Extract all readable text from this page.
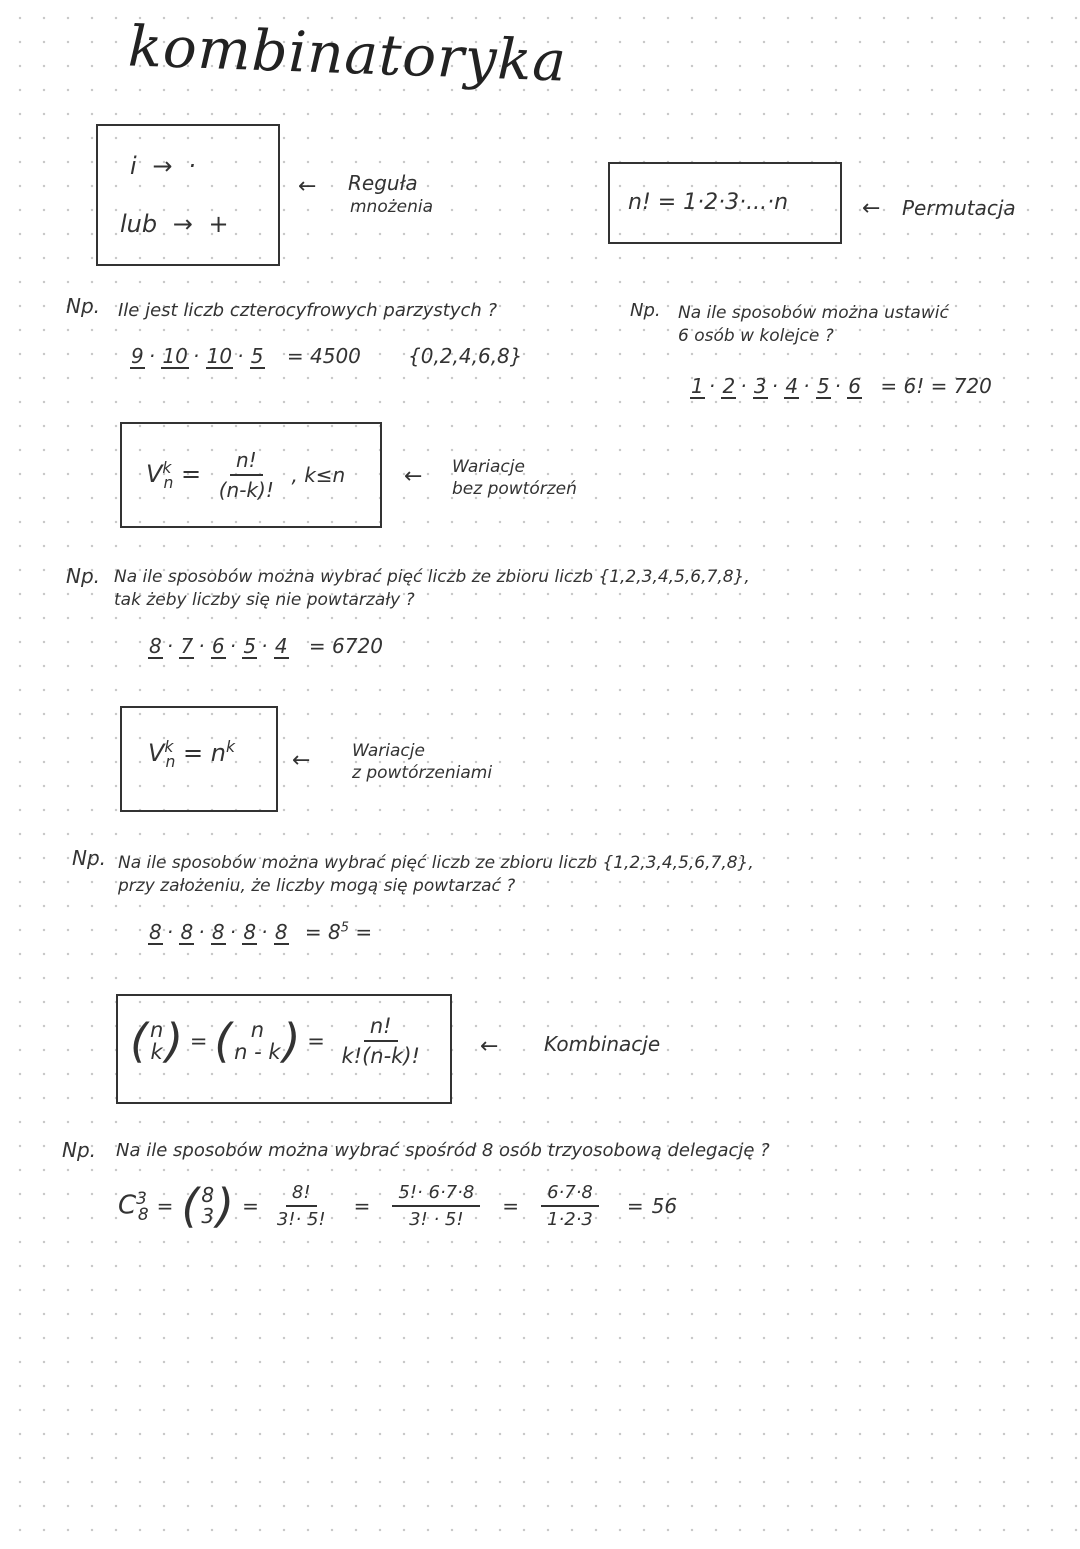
kombinatoryka
i → ·
lub → +
← Reguła
mnożenia	n! = 1·2·3·...·n	← Permutacja
Np. Ile jest liczb czterocyfrowych parzystych ?
9 · 10 · 10 · 5 = 4500 {0,2,4,6,8}
Np. Na ile sposobów można ustawić
6 osób w kolejce ?
1 · 2 · 3 · 4 · 5 · 6 = 6! = 720
$V^k_n = \frac{n!}{(n-k)!}$ , k≤n	← Wariacje
bez powtórzeń
Np. Na ile sposobów można wybrać pięć liczb ze zbioru liczb {1,2,3,4,5,6,7,8},
tak żeby liczby się nie powtarzały ?
8 · 7 · 6 · 5 · 4 = 6720
$V^k_n = n^k$
← Wariacje
z powtórzeniami
Np. Na ile sposobów można wybrać pięć liczb ze zbioru liczb {1,2,3,4,5,6,7,8},
przy założeniu, że liczby mogą się powtarzać ?
$8 \cdot 8 \cdot 8 \cdot 8 \cdot 8 = 8^5$ =
( n
k ) = ( n
n - k ) = $\frac{n!}{k!(n-k)!}$ ← Kombinacje
Np. Na ile sposobów można wybrać spośród 8 osób trzyosobową delegację ?
$C^3_8$ = ( 8
3 ) = $\frac{8!}{3!\cdot 5!} = \frac{5!\cdot 6\cdot 7\cdot 8}{3! \cdot 5!} = \frac{6\cdot 7\cdot 8}{1\cdot 2\cdot 3} = 56$
